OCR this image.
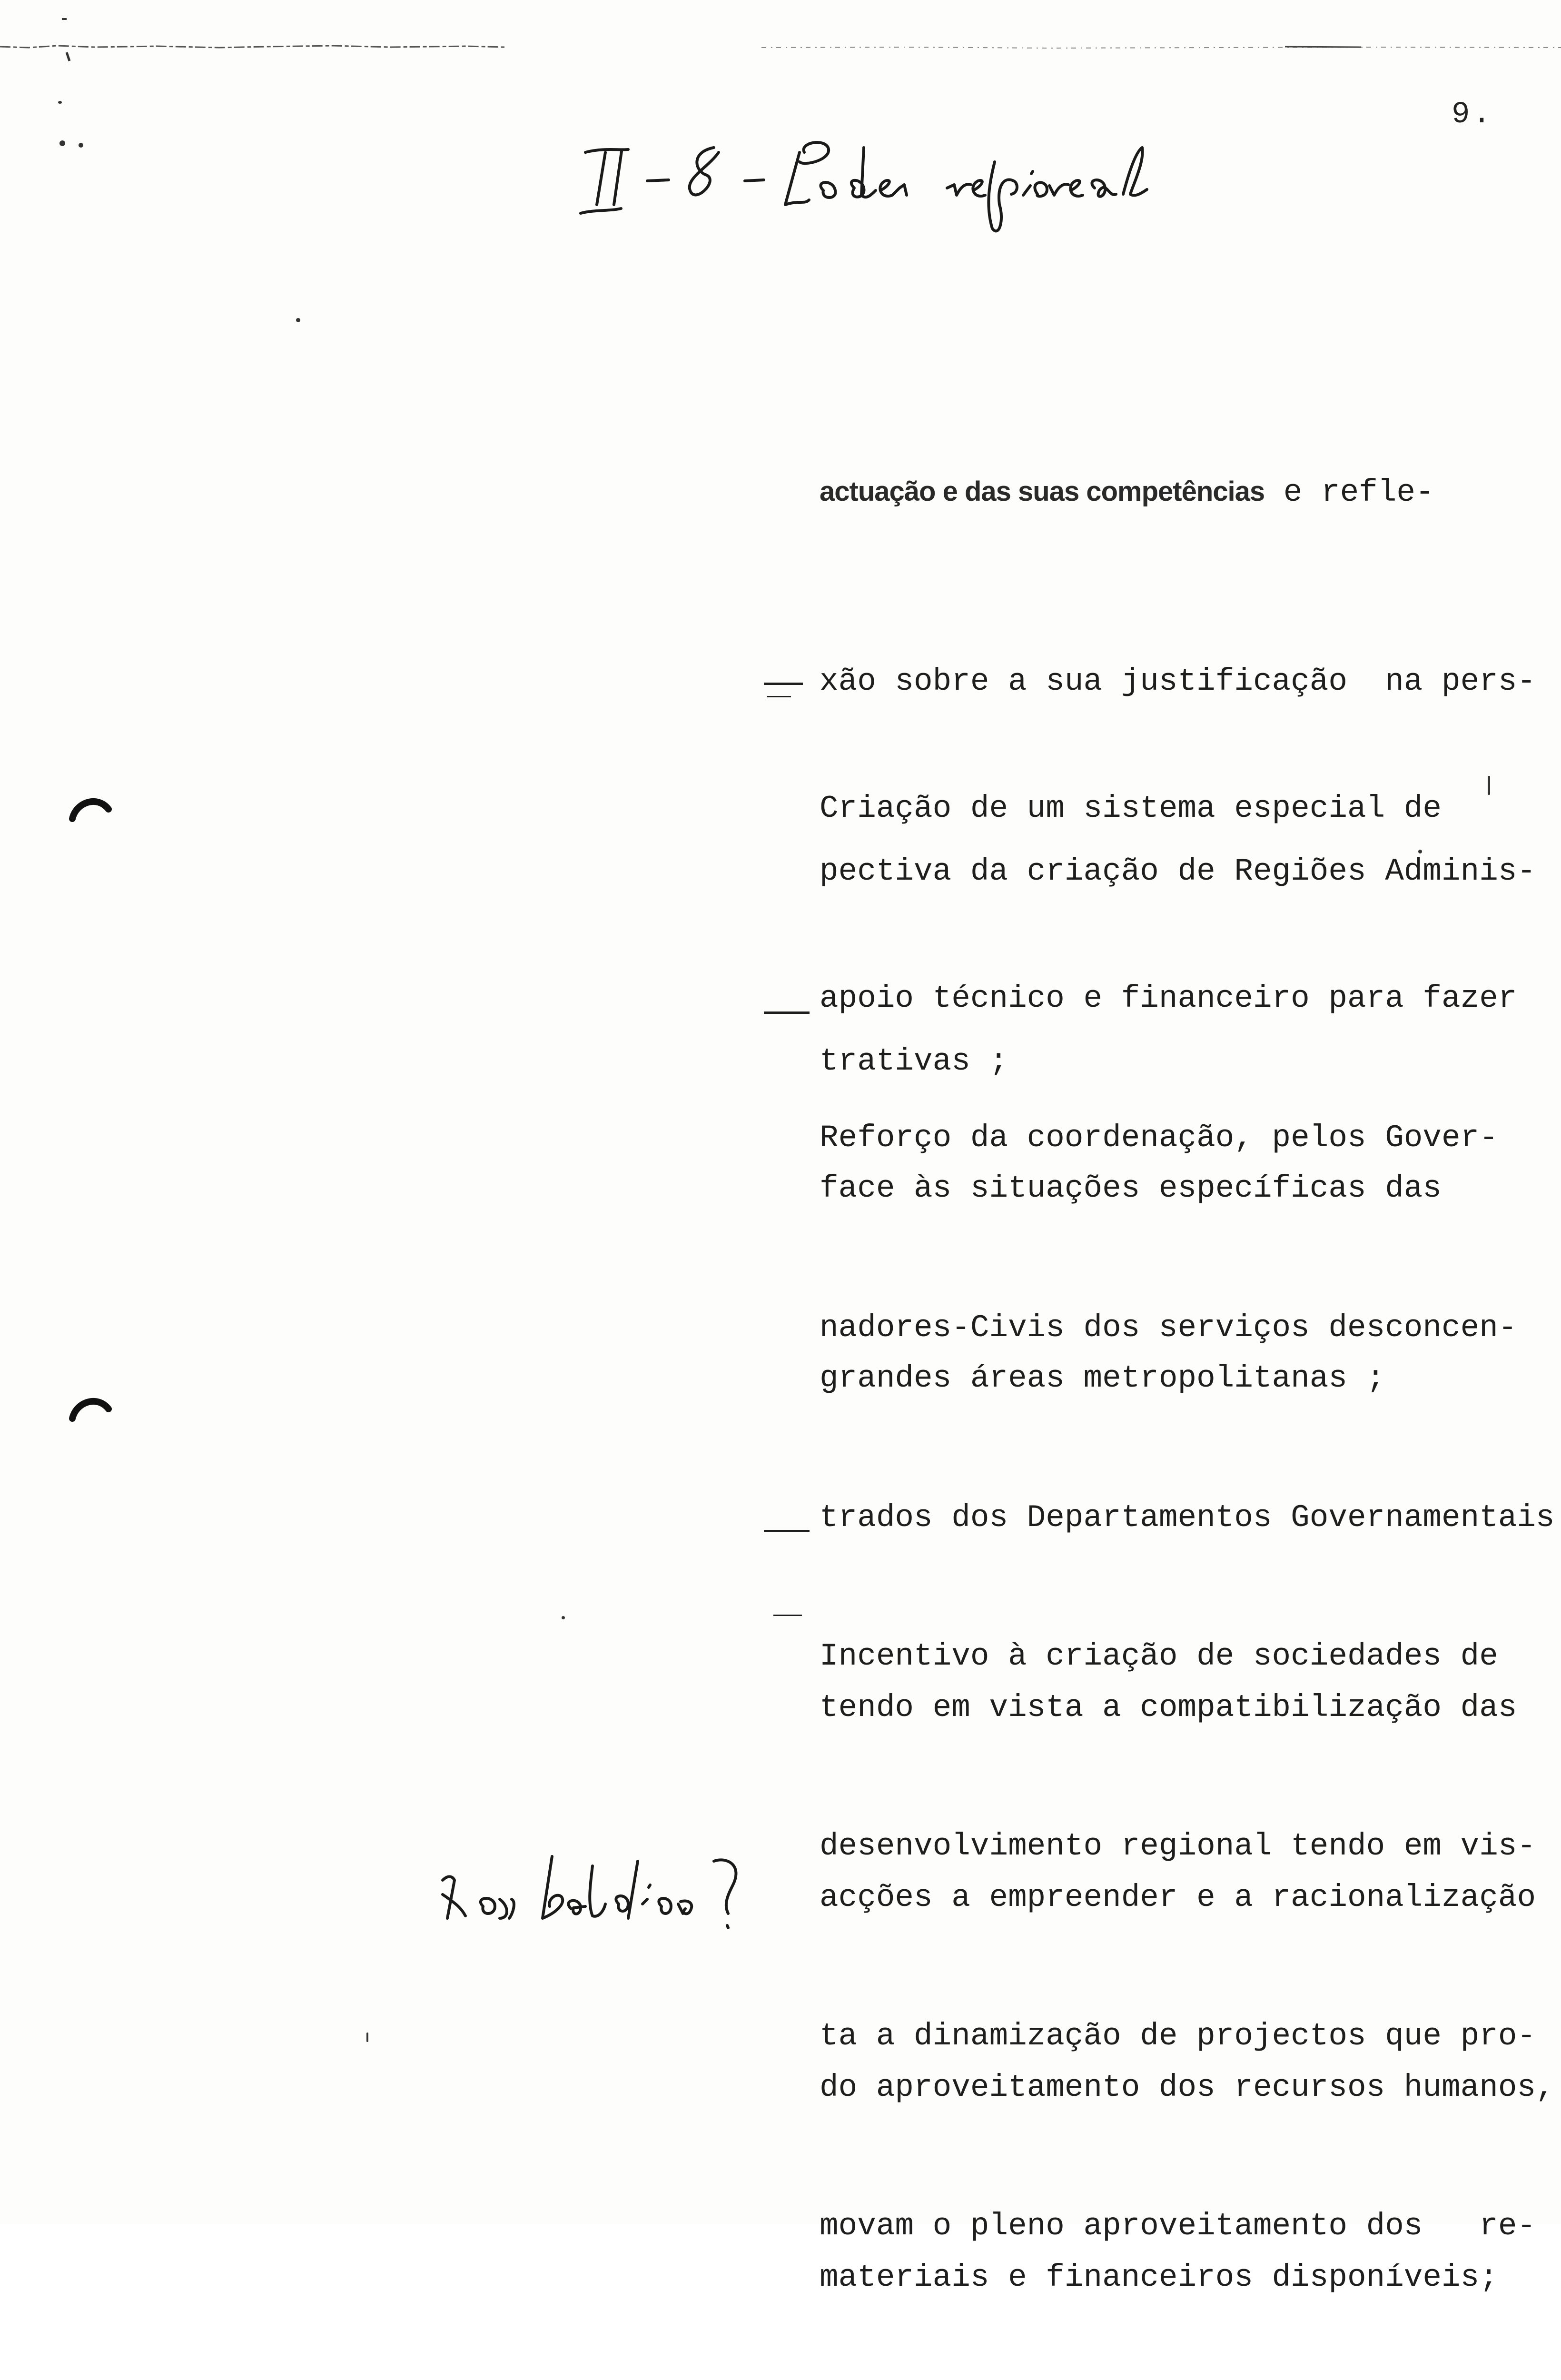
9.

actuação e das suas competências e refle-

xão sobre a sua justificação  na pers-

pectiva da criação de Regiões Adminis-

trativas ;

Criação de um sistema especial de

apoio técnico e financeiro para fazer

face às situações específicas das

grandes áreas metropolitanas ;

Reforço da coordenação, pelos Gover-

nadores-Civis dos serviços desconcen-

trados dos Departamentos Governamentais

tendo em vista a compatibilização das

acções a empreender e a racionalização

do aproveitamento dos recursos humanos,

materiais e financeiros disponíveis;

Incentivo à criação de sociedades de

desenvolvimento regional tendo em vis-

ta a dinamização de projectos que pro-

movam o pleno aproveitamento dos   re-
